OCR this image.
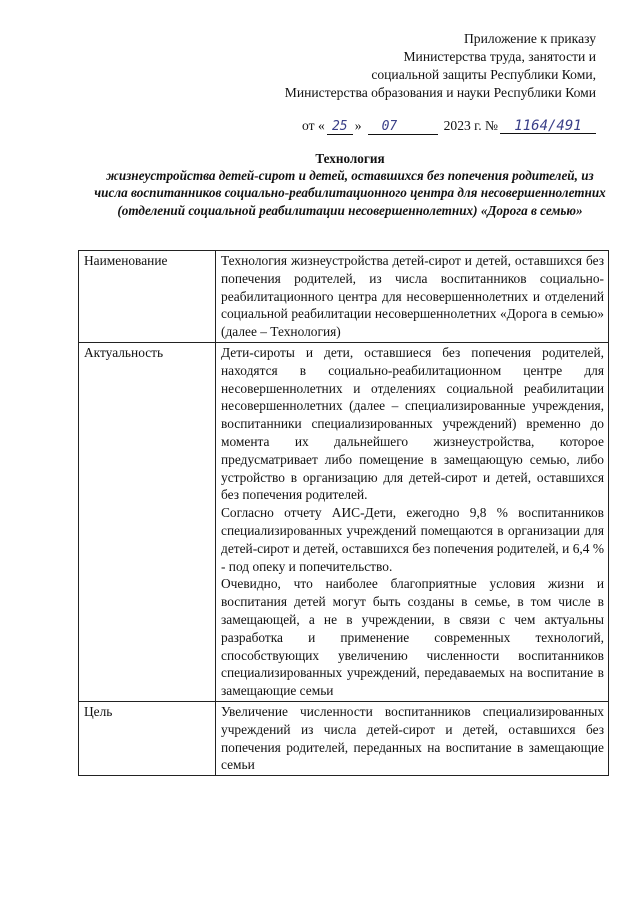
Приложение к приказу
Министерства труда, занятости и
социальной защиты Республики Коми,
Министерства образования и науки Республики Коми
от « 25 »	07	2023 г. №	1164/491
Технология
жизнеустройства детей-сирот и детей, оставшихся без попечения родителей, из числа воспитанников социально-реабилитационного центра для несовершеннолетних (отделений социальной реабилитации несовершеннолетних) «Дорога в семью»
Наименование	Технология жизнеустройства детей-сирот и детей, оставшихся без попечения родителей, из числа воспитанников социально-реабилитационного центра для несовершеннолетних и отделений социальной реабилитации несовершеннолетних «Дорога в семью» (далее – Технология)

Актуальность	Дети-сироты и дети, оставшиеся без попечения родителей, находятся в социально-реабилитационном центре для несовершеннолетних и отделениях социальной реабилитации несовершеннолетних (далее – специализированные учреждения, воспитанники специализированных учреждений) временно до момента их дальнейшего жизнеустройства, которое предусматривает либо помещение в замещающую семью, либо устройство в организацию для детей-сирот и детей, оставшихся без попечения родителей.

Согласно отчету АИС-Дети, ежегодно 9,8 % воспитанников специализированных учреждений помещаются в организации для детей-сирот и детей, оставшихся без попечения родителей, и 6,4 % - под опеку и попечительство.

Очевидно, что наиболее благоприятные условия жизни и воспитания детей могут быть созданы в семье, в том числе в замещающей, а не в учреждении, в связи с чем актуальны разработка и применение современных технологий, способствующих увеличению численности воспитанников специализированных учреждений, передаваемых на воспитание в замещающие семьи

Цель	Увеличение численности воспитанников специализированных учреждений из числа детей-сирот и детей, оставшихся без попечения родителей, переданных на воспитание в замещающие семьи
